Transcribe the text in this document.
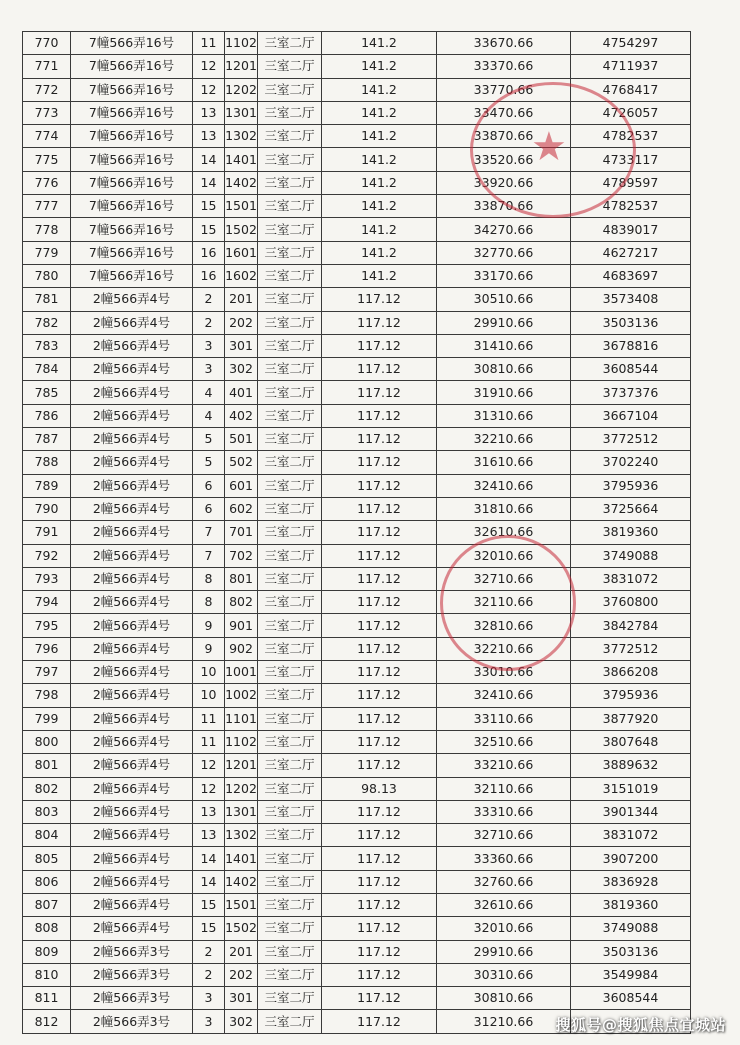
770	7幢566弄16号	11	1102	三室二厅	141.2	33670.66	4754297
771	7幢566弄16号	12	1201	三室二厅	141.2	33370.66	4711937
772	7幢566弄16号	12	1202	三室二厅	141.2	33770.66	4768417
773	7幢566弄16号	13	1301	三室二厅	141.2	33470.66	4726057
774	7幢566弄16号	13	1302	三室二厅	141.2	33870.66	4782537
775	7幢566弄16号	14	1401	三室二厅	141.2	33520.66	4733117
776	7幢566弄16号	14	1402	三室二厅	141.2	33920.66	4789597
777	7幢566弄16号	15	1501	三室二厅	141.2	33870.66	4782537
778	7幢566弄16号	15	1502	三室二厅	141.2	34270.66	4839017
779	7幢566弄16号	16	1601	三室二厅	141.2	32770.66	4627217
780	7幢566弄16号	16	1602	三室二厅	141.2	33170.66	4683697
781	2幢566弄4号	2	201	三室二厅	117.12	30510.66	3573408
782	2幢566弄4号	2	202	三室二厅	117.12	29910.66	3503136
783	2幢566弄4号	3	301	三室二厅	117.12	31410.66	3678816
784	2幢566弄4号	3	302	三室二厅	117.12	30810.66	3608544
785	2幢566弄4号	4	401	三室二厅	117.12	31910.66	3737376
786	2幢566弄4号	4	402	三室二厅	117.12	31310.66	3667104
787	2幢566弄4号	5	501	三室二厅	117.12	32210.66	3772512
788	2幢566弄4号	5	502	三室二厅	117.12	31610.66	3702240
789	2幢566弄4号	6	601	三室二厅	117.12	32410.66	3795936
790	2幢566弄4号	6	602	三室二厅	117.12	31810.66	3725664
791	2幢566弄4号	7	701	三室二厅	117.12	32610.66	3819360
792	2幢566弄4号	7	702	三室二厅	117.12	32010.66	3749088
793	2幢566弄4号	8	801	三室二厅	117.12	32710.66	3831072
794	2幢566弄4号	8	802	三室二厅	117.12	32110.66	3760800
795	2幢566弄4号	9	901	三室二厅	117.12	32810.66	3842784
796	2幢566弄4号	9	902	三室二厅	117.12	32210.66	3772512
797	2幢566弄4号	10	1001	三室二厅	117.12	33010.66	3866208
798	2幢566弄4号	10	1002	三室二厅	117.12	32410.66	3795936
799	2幢566弄4号	11	1101	三室二厅	117.12	33110.66	3877920
800	2幢566弄4号	11	1102	三室二厅	117.12	32510.66	3807648
801	2幢566弄4号	12	1201	三室二厅	117.12	33210.66	3889632
802	2幢566弄4号	12	1202	三室二厅	98.13	32110.66	3151019
803	2幢566弄4号	13	1301	三室二厅	117.12	33310.66	3901344
804	2幢566弄4号	13	1302	三室二厅	117.12	32710.66	3831072
805	2幢566弄4号	14	1401	三室二厅	117.12	33360.66	3907200
806	2幢566弄4号	14	1402	三室二厅	117.12	32760.66	3836928
807	2幢566弄4号	15	1501	三室二厅	117.12	32610.66	3819360
808	2幢566弄4号	15	1502	三室二厅	117.12	32010.66	3749088
809	2幢566弄3号	2	201	三室二厅	117.12	29910.66	3503136
810	2幢566弄3号	2	202	三室二厅	117.12	30310.66	3549984
811	2幢566弄3号	3	301	三室二厅	117.12	30810.66	3608544
812	2幢566弄3号	3	302	三室二厅	117.12	31210.66	
★
搜狐号@搜狐焦点宜城站
